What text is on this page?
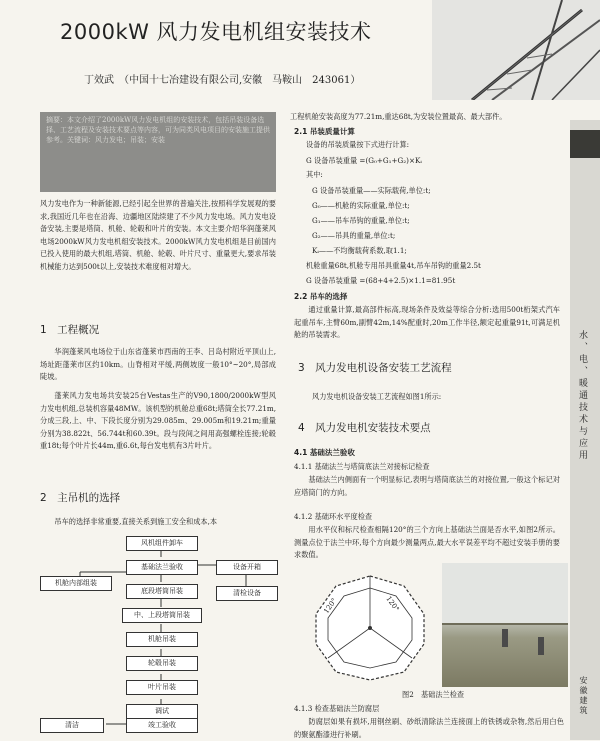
2000kW 风力发电机组安装技术
丁效武　（中国十七冶建设有限公司,安徽　马鞍山　243061）
摘要：本文介绍了2000kW风力发电机组的安装技术，包括吊装设备选择、工艺流程及安装技术要点等内容，可为同类风电项目的安装施工提供参考。关键词：风力发电；吊装；安装
风力发电作为一种新能源,已经引起全世界的普遍关注,按照科学发展观的要求,我国近几年也在沿海、边疆地区陆续建了不少风力发电场。风力发电设备安装,主要是塔筒、机舱、轮毂和叶片的安装。本文主要介绍华润蓬莱风电场2000kW风力发电机组安装技术。2000kW风力发电机组是目前国内已投入使用的最大机组,塔筒、机舱、轮毂、叶片尺寸、重量更大,要求吊装机械能力达到500t以上,安装技术难度相对增大。
1　工程概况
华润蓬莱风电场位于山东省蓬莱市西南的王李、吕岛村附近平顶山上,场址距蓬莱市区约10km。山脊相对平缓,两侧坡度一般10°~20°,局部成陡坡。
蓬莱风力发电场共安装25台Vestas生产的V90,1800/2000kW型风力发电机组,总装机容量48MW。该机型的机舱总重68t;塔筒全长77.21m,分成三段,上、中、下段长度分别为29.085m、29.005m和19.21m;重量分别为38.822t、56.744t和60.39t。段与段间之间用高强螺栓连接;轮毂重18t;每个叶片长44m,重6.6t,每台发电机有3片叶片。
2　主吊机的选择
吊车的选择非常重要,直接关系到施工安全和成本,本
风机组件卸车
基础法兰验收
底段塔筒吊装
中、上段塔筒吊装
机舱吊装
轮毂吊装
叶片吊装
调试
竣工验收
机舱内部组装
清洁
设备开箱
清检设备
工程机舱安装高度为77.21m,重达68t,为安装位置最高、最大部件。
2.1 吊装质量计算
设备的吊装质量按下式进行计算:
G 设备吊装重量 =(G₀+G₁+G₂)×Kᵢ
其中:
G 设备吊装重量——实际载荷,单位:t;
G₀——机舱的实际重量,单位:t;
G₁——吊车吊钩的重量,单位:t;
G₂——吊具的重量,单位:t;
Kᵢ——不均衡载荷系数,取1.1;
机舱重量68t,机舱专用吊具重量4t,吊车吊钩的重量2.5t
G 设备吊装重量 =(68+4+2.5)×1.1=81.95t
2.2 吊车的选择
通过重量计算,最高部件标高,现场条件及效益等综合分析:选用500t桁架式汽车起重吊车,主臂60m,副臂42m,14%配重时,20m工作半径,额定起重量91t,可满足机舱的吊装需求。
3　风力发电机设备安装工艺流程
风力发电机设备安装工艺流程如图1所示:
4　风力发电机安装技术要点
4.1 基础法兰验收
4.1.1 基础法兰与塔筒底法兰对接标记检查
基础法兰内侧面有一个明显标记,表明与塔筒底法兰的对接位置,一般这个标记对应塔筒门的方向。
4.1.2 基础环水平度检查
用水平仪和标尺检查相隔120°的三个方向上基础法兰面是否水平,如图2所示。测量点位于法兰中环,每个方向最少测量两点,最大水平误差平均不超过安装手册的要求数值。
120°	120°
图2　基础法兰检查
4.1.3 检查基础法兰防腐层
防腐层如果有损坏,用钢丝刷、砂纸清除法兰连接面上的铁锈或杂物,然后用白色的聚氨酯漆进行补刷。
水、电、暖通技术与应用
安徽建筑
